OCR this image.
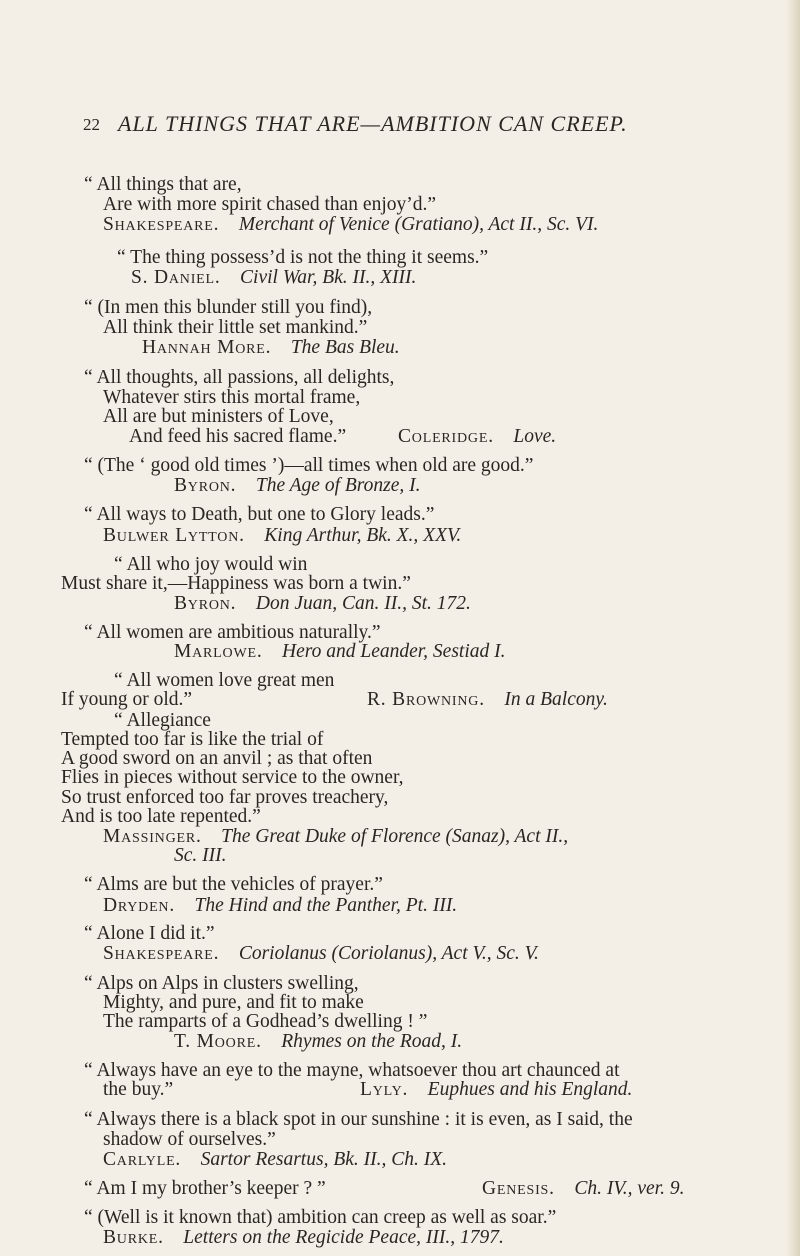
22 ALL THINGS THAT ARE—AMBITION CAN CREEP.
“ All things that are,
Are with more spirit chased than enjoy’d.”
Shakespeare.  Merchant of Venice (Gratiano), Act II., Sc. VI.
“ The thing possess’d is not the thing it seems.”
S. Daniel.  Civil War, Bk. II., XIII.
“ (In men this blunder still you find),
All think their little set mankind.”
Hannah More.  The Bas Bleu.
“ All thoughts, all passions, all delights,
Whatever stirs this mortal frame,
All are but ministers of Love,
And feed his sacred flame.”	Coleridge.  Love.
“ (The ‘ good old times ’)—all times when old are good.”
Byron.  The Age of Bronze, I.
“ All ways to Death, but one to Glory leads.”
Bulwer Lytton.  King Arthur, Bk. X., XXV.
“ All who joy would win
Must share it,—Happiness was born a twin.”
Byron.  Don Juan, Can. II., St. 172.
“ All women are ambitious naturally.”
Marlowe.  Hero and Leander, Sestiad I.
“ All women love great men
If young or old.”	R. Browning.  In a Balcony.
“ Allegiance
Tempted too far is like the trial of
A good sword on an anvil ; as that often
Flies in pieces without service to the owner,
So trust enforced too far proves treachery,
And is too late repented.”
Massinger.  The Great Duke of Florence (Sanaz), Act II.,
Sc. III.
“ Alms are but the vehicles of prayer.”
Dryden.  The Hind and the Panther, Pt. III.
“ Alone I did it.”
Shakespeare.  Coriolanus (Coriolanus), Act V., Sc. V.
“ Alps on Alps in clusters swelling,
Mighty, and pure, and fit to make
The ramparts of a Godhead’s dwelling ! ”
T. Moore.  Rhymes on the Road, I.
“ Always have an eye to the mayne, whatsoever thou art chaunced at
the buy.”	Lyly.  Euphues and his England.
“ Always there is a black spot in our sunshine : it is even, as I said, the
shadow of ourselves.”
Carlyle.  Sartor Resartus, Bk. II., Ch. IX.
“ Am I my brother’s keeper ? ”	Genesis.  Ch. IV., ver. 9.
“ (Well is it known that) ambition can creep as well as soar.”
Burke.  Letters on the Regicide Peace, III., 1797.
